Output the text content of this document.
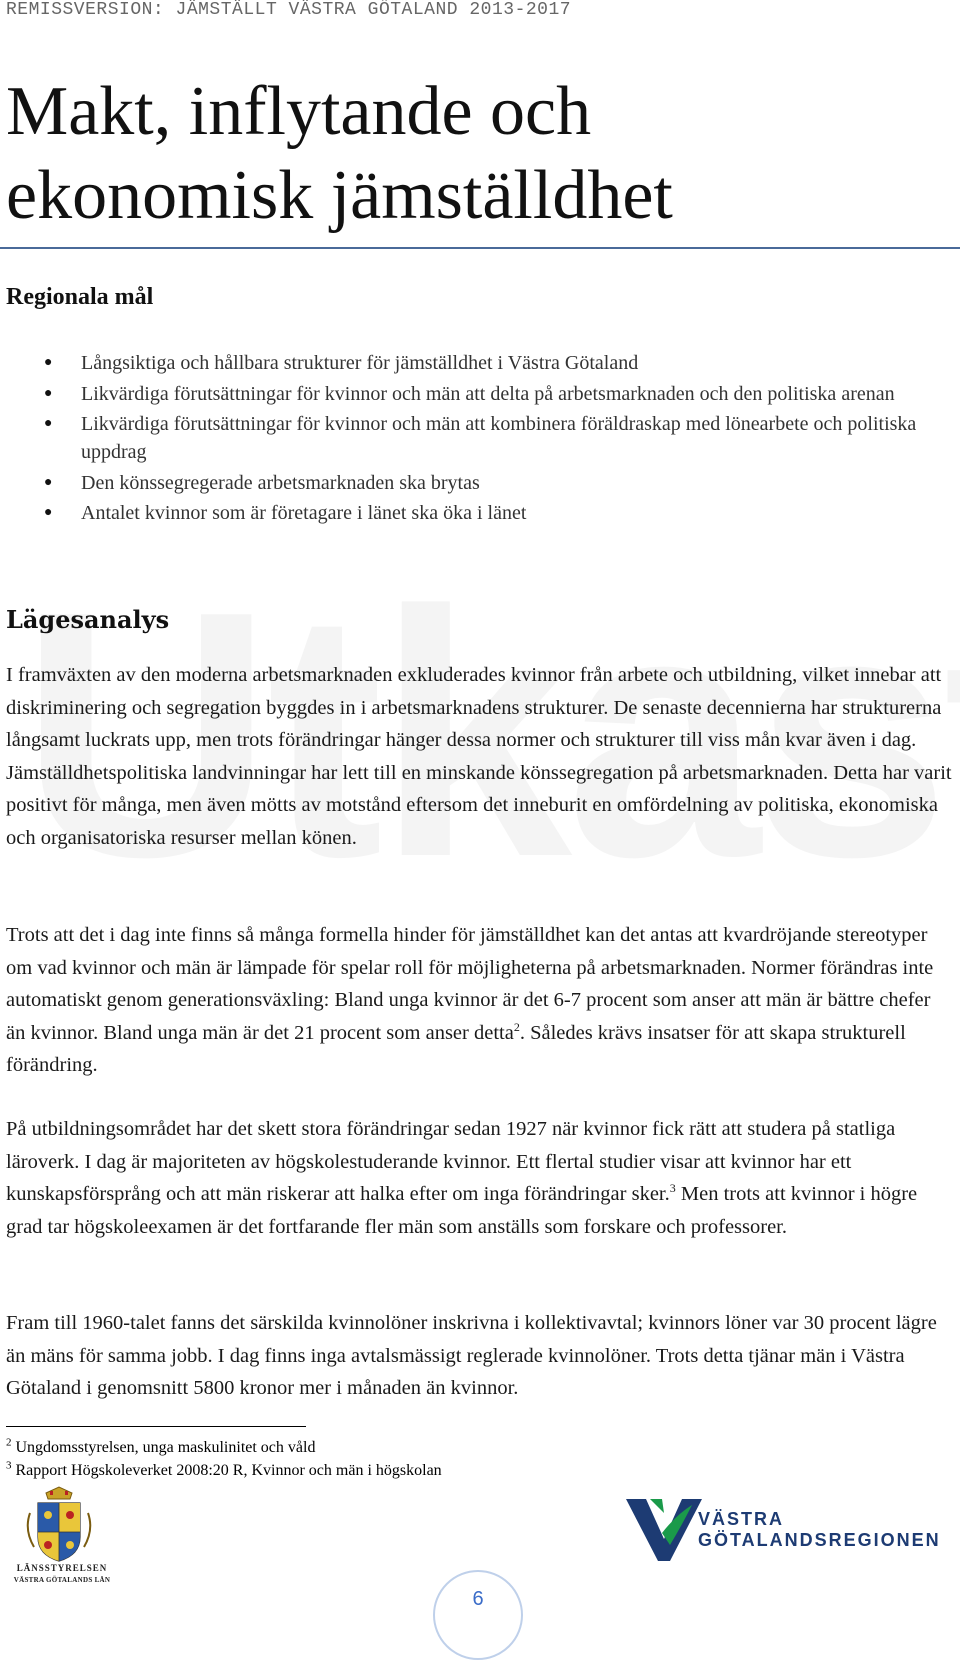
REMISSVERSION: JÄMSTÄLLT VÄSTRA GÖTALAND 2013-2017
Makt, inflytande och
ekonomisk jämställdhet
Regionala mål
● Långsiktiga och hållbara strukturer för jämställdhet i Västra Götaland
● Likvärdiga förutsättningar för kvinnor och män att delta på arbetsmarknaden och den politiska arenan
● Likvärdiga förutsättningar för kvinnor och män att kombinera föräldraskap med lönearbete och politiska uppdrag
● Den könssegregerade arbetsmarknaden ska brytas
● Antalet kvinnor som är företagare i länet ska öka i länet
Lägesanalys

I framväxten av den moderna arbetsmarknaden exkluderades kvinnor från arbete och utbildning, vilket innebar att diskriminering och segregation byggdes in i arbetsmarknadens strukturer. De senaste decennierna har strukturerna långsamt luckrats upp, men trots förändringar hänger dessa normer och strukturer till viss mån kvar även i dag. Jämställdhetspolitiska landvinningar har lett till en minskande könssegregation på arbetsmarknaden. Detta har varit positivt för många, men även mötts av motstånd eftersom det inneburit en omfördelning av politiska, ekonomiska och organisatoriska resurser mellan könen.

Trots att det i dag inte finns så många formella hinder för jämställdhet kan det antas att kvardröjande stereotyper om vad kvinnor och män är lämpade för spelar roll för möjligheterna på arbetsmarknaden. Normer förändras inte automatiskt genom generationsväxling: Bland unga kvinnor är det 6-7 procent som anser att män är bättre chefer än kvinnor. Bland unga män är det 21 procent som anser detta$^2$. Således krävs insatser för att skapa strukturell förändring.

På utbildningsområdet har det skett stora förändringar sedan 1927 när kvinnor fick rätt att studera på statliga läroverk. I dag är majoriteten av högskolestuderande kvinnor. Ett flertal studier visar att kvinnor har ett kunskapsförsprång och att män riskerar att halka efter om inga förändringar sker.$^3$ Men trots att kvinnor i högre grad tar högskoleexamen är det fortfarande fler män som anställs som forskare och professorer.

Fram till 1960-talet fanns det särskilda kvinnolöner inskrivna i kollektivavtal; kvinnors löner var 30 procent lägre än mäns för samma jobb. I dag finns inga avtalsmässigt reglerade kvinnolöner. Trots detta tjänar män i Västra Götaland i genomsnitt 5800 kronor mer i månaden än kvinnor.

$^2$ Ungdomsstyrelsen, unga maskulinitet och våld
$^3$ Rapport Högskoleverket 2008:20 R, Kvinnor och män i högskolan
LÄNSSTYRELSEN
VÄSTRA GÖTALANDS LÄN
VÄSTRA
GÖTALANDSREGIONEN
6
